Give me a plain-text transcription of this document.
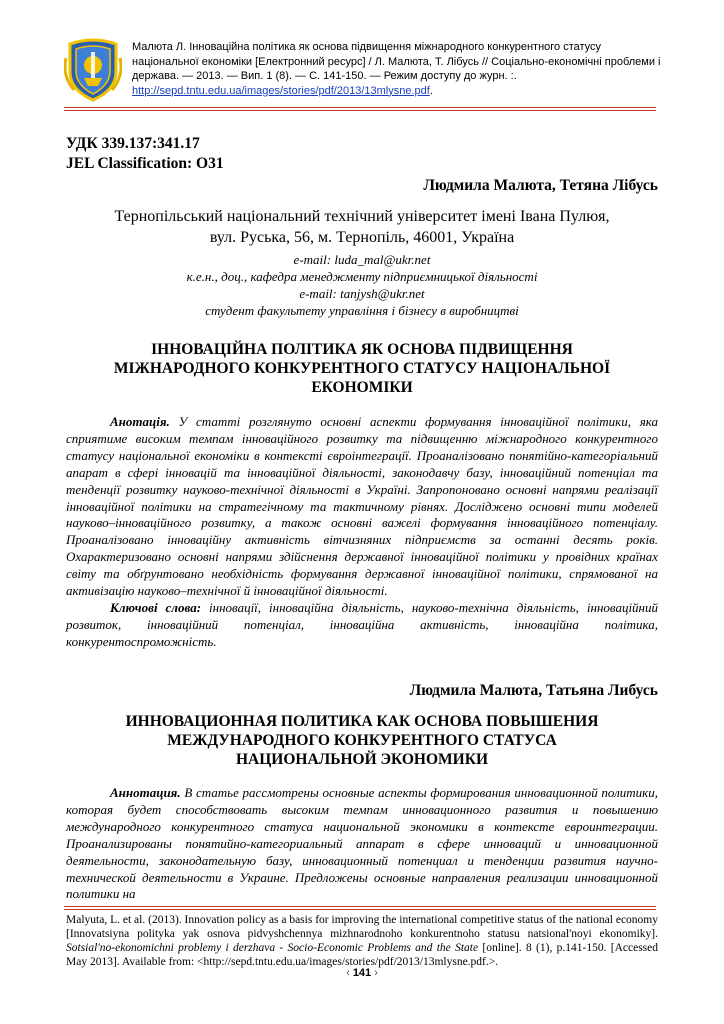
Малюта Л. Інноваційна політика як основа підвищення міжнародного конкурентного статусу національної економіки [Електронний ресурс] / Л. Малюта, Т. Лібусь // Соціально-економічні проблеми і держава. — 2013. — Вип. 1 (8). — С. 141-150. — Режим доступу до журн. :.
http://sepd.tntu.edu.ua/images/stories/pdf/2013/13mlysne.pdf.
УДК 339.137:341.17
JEL Classification: O31
Людмила Малюта, Тетяна Лібусь
Тернопільський національний технічний університет імені Івана Пулюя,
вул. Руська, 56, м. Тернопіль, 46001, Україна
e-mail: luda_mal@ukr.net
к.е.н., доц., кафедра менеджменту підприємницької діяльності
e-mail: tanjysh@ukr.net
студент факультету управління і бізнесу в виробництві
ІННОВАЦІЙНА ПОЛІТИКА ЯК ОСНОВА ПІДВИЩЕННЯ
МІЖНАРОДНОГО КОНКУРЕНТНОГО СТАТУСУ НАЦІОНАЛЬНОЇ
ЕКОНОМІКИ

Анотація. У статті розглянуто основні аспекти формування інноваційної політики, яка сприятиме високим темпам інноваційного розвитку та підвищенню міжнародного конкурентного статусу національної економіки в контексті євроінтеграції. Проаналізовано понятійно-категоріальний апарат в сфері інновацій та інноваційної діяльності, законодавчу базу, інноваційний потенціал та тенденції розвитку науково-технічної діяльності в Україні. Запропоновано основні напрями реалізації інноваційної політики на стратегічному та тактичному рівнях. Досліджено основні типи моделей науково–інноваційного розвитку, а також основні важелі формування інноваційного потенціалу. Проаналізовано інноваційну активність вітчизняних підприємств за останні десять років. Охарактеризовано основні напрями здійснення державної інноваційної політики у провідних країнах світу та обґрунтовано необхідність формування державної інноваційної політики, спрямованої на активізацію науково–технічної й інноваційної діяльності.

Ключові слова: інновації, інноваційна діяльність, науково-технічна діяльність, інноваційний розвиток, інноваційний потенціал, інноваційна активність, інноваційна політика, конкурентоспроможність.

Людмила Малюта, Татьяна Либусь
ИННОВАЦИОННАЯ ПОЛИТИКА КАК ОСНОВА ПОВЫШЕНИЯ
МЕЖДУНАРОДНОГО КОНКУРЕНТНОГО СТАТУСА
НАЦИОНАЛЬНОЙ ЭКОНОМИКИ

Аннотация. В статье рассмотрены основные аспекты формирования инновационной политики, которая будет способствовать высоким темпам инновационного развития и повышению международного конкурентного статуса национальной экономики в контексте евроинтеграции. Проанализированы понятийно-категориальный аппарат в сфере инноваций и инновационной деятельности, законодательную базу, инновационный потенциал и тенденции развития научно-технической деятельности в Украине. Предложены основные направления реализации инновационной политики на

Malyuta, L. et al. (2013). Innovation policy as a basis for improving the international competitive status of the national economy [Innovatsiyna polityka yak osnova pidvyshchennya mizhnarodnoho konkurentnoho statusu natsional'noyi ekonomiky]. Sotsial'no-ekonomichni problemy i derzhava - Socio-Economic Problems and the State [online]. 8 (1), p.141-150. [Accessed May 2013]. Available from: <http://sepd.tntu.edu.ua/images/stories/pdf/2013/13mlysne.pdf.>.
‹ 141 ›
